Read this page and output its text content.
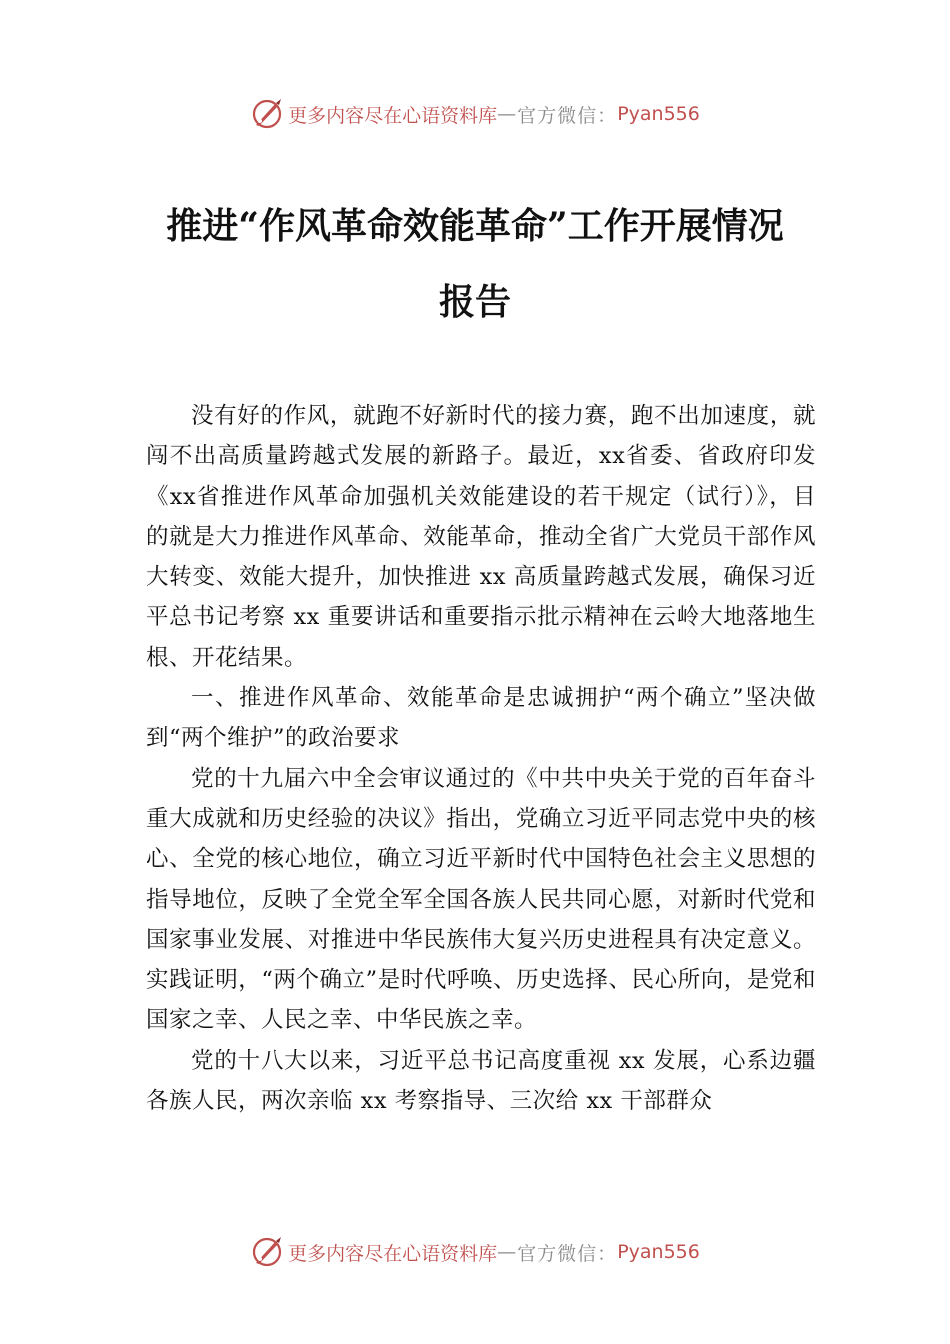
更多内容尽在心语资料库 — 官方微信： Pyan556
推进“作风革命效能革命”工作开展情况
报告

没有好的作风，就跑不好新时代的接力赛，跑不出加速度，就闯不出高质量跨越式发展的新路子。最近，xx省委、省政府印发《xx省推进作风革命加强机关效能建设的若干规定（试行）》，目的就是大力推进作风革命、效能革命，推动全省广大党员干部作风大转变、效能大提升，加快推进 xx 高质量跨越式发展，确保习近平总书记考察 xx 重要讲话和重要指示批示精神在云岭大地落地生根、开花结果。

一、推进作风革命、效能革命是忠诚拥护“两个确立”坚决做到“两个维护”的政治要求

党的十九届六中全会审议通过的《中共中央关于党的百年奋斗重大成就和历史经验的决议》指出，党确立习近平同志党中央的核心、全党的核心地位，确立习近平新时代中国特色社会主义思想的指导地位，反映了全党全军全国各族人民共同心愿，对新时代党和国家事业发展、对推进中华民族伟大复兴历史进程具有决定意义。实践证明，“两个确立”是时代呼唤、历史选择、民心所向，是党和国家之幸、人民之幸、中华民族之幸。

党的十八大以来，习近平总书记高度重视 xx 发展，心系边疆各族人民，两次亲临 xx 考察指导、三次给 xx 干部群众

更多内容尽在心语资料库 — 官方微信： Pyan556
